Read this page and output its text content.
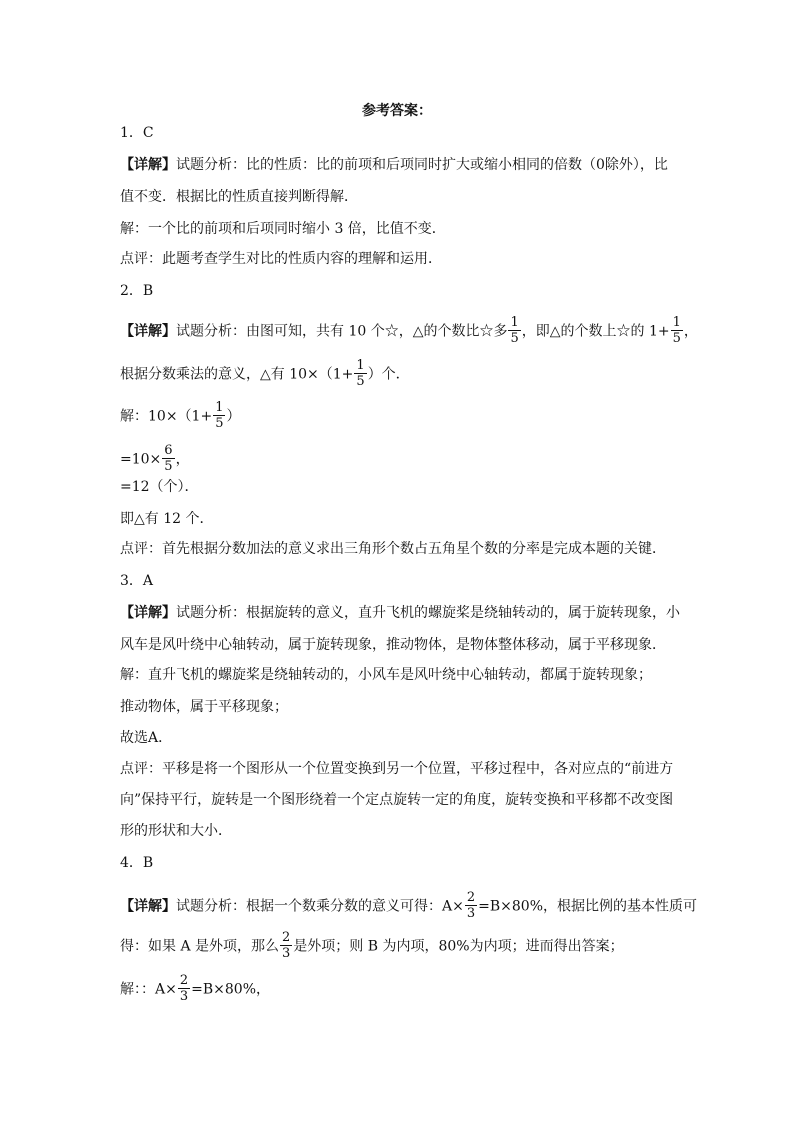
参考答案：
1．C
【详解】试题分析：比的性质：比的前项和后项同时扩大或缩小相同的倍数（0除外），比
值不变．根据比的性质直接判断得解．
解：一个比的前项和后项同时缩小 3 倍，比值不变．
点评：此题考查学生对比的性质内容的理解和运用．
2．B
【详解】试题分析：由图可知，共有 10 个☆，△的个数比☆多 $\frac{1}{5}$ ，即△的个数上☆的 $1+ \frac{1}{5}$ ，
根据分数乘法的意义，△有 $10\times(1+ \frac{1}{5}$ ）个．
解：$10\times(1+ \frac{1}{5}$ ）
$=10\times \frac{6}{5}$ ，
=12（个）．
即△有 12 个．
点评：首先根据分数加法的意义求出三角形个数占五角星个数的分率是完成本题的关键．
3．A
【详解】试题分析：根据旋转的意义，直升飞机的螺旋桨是绕轴转动的，属于旋转现象，小
风车是风叶绕中心轴转动，属于旋转现象，推动物体，是物体整体移动，属于平移现象．
解：直升飞机的螺旋桨是绕轴转动的，小风车是风叶绕中心轴转动，都属于旋转现象；
推动物体，属于平移现象；
故选A．
点评：平移是将一个图形从一个位置变换到另一个位置，平移过程中，各对应点的“前进方
向”保持平行，旋转是一个图形绕着一个定点旋转一定的角度，旋转变换和平移都不改变图
形的形状和大小．
4．B
【详解】试题分析：根据一个数乘分数的意义可得：$A\times \frac{2}{3} =B\times 80\%$，根据比例的基本性质可
得：如果 A 是外项，那么 $\frac{2}{3}$ 是外项；则 B 为内项，80%为内项；进而得出答案；
解：：$A\times \frac{2}{3} =B\times 80\%$，
